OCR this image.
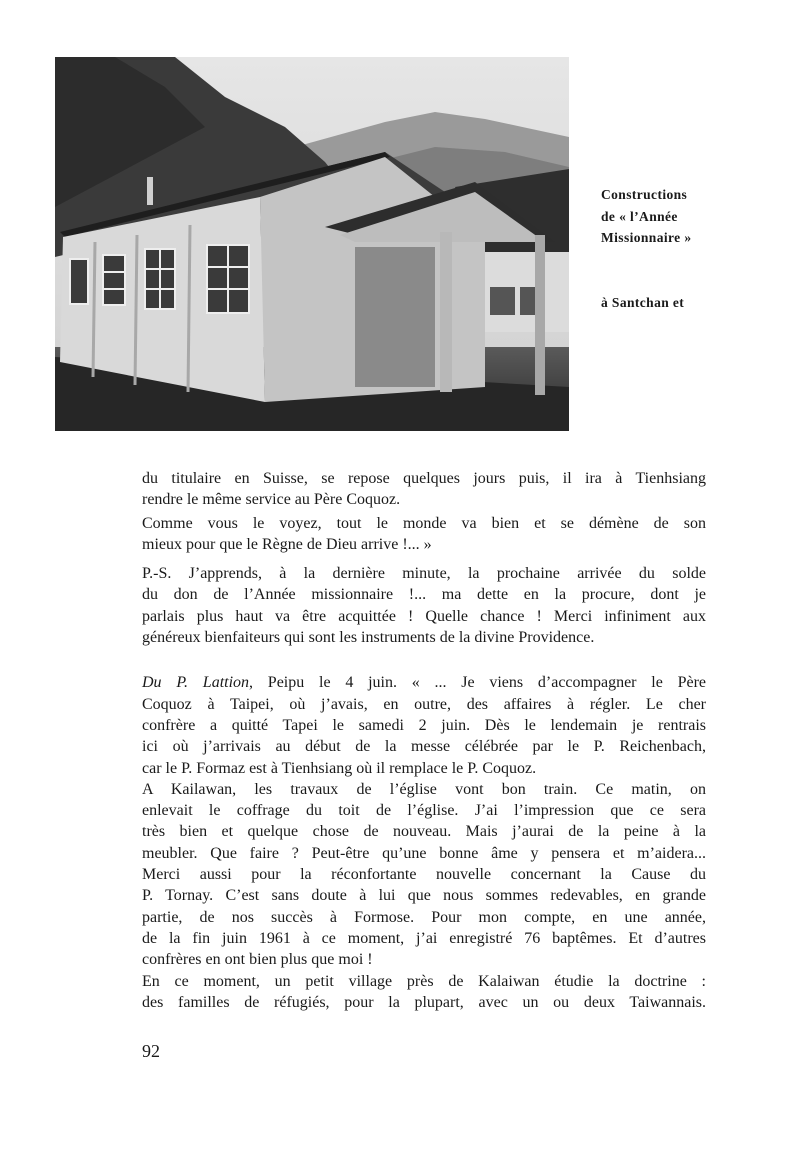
Constructions
de « l’Année
Missionnaire »
à Santchan et
du titulaire en Suisse, se repose quelques jours puis, il ira à Tienhsiang
rendre le même service au Père Coquoz.
Comme vous le voyez, tout le monde va bien et se démène de son
mieux pour que le Règne de Dieu arrive !... »
P.-S. J’apprends, à la dernière minute, la prochaine arrivée du solde
du don de l’Année missionnaire !... ma dette en la procure, dont je
parlais plus haut va être acquittée ! Quelle chance ! Merci infiniment aux
généreux bienfaiteurs qui sont les instruments de la divine Providence.
Du P. Lattion, Peipu le 4 juin. « ... Je viens d’accompagner le Père
Coquoz à Taipei, où j’avais, en outre, des affaires à régler. Le cher
confrère a quitté Tapei le samedi 2 juin. Dès le lendemain je rentrais
ici où j’arrivais au début de la messe célébrée par le P. Reichenbach,
car le P. Formaz est à Tienhsiang où il remplace le P. Coquoz.
A Kailawan, les travaux de l’église vont bon train. Ce matin, on
enlevait le coffrage du toit de l’église. J’ai l’impression que ce sera
très bien et quelque chose de nouveau. Mais j’aurai de la peine à la
meubler. Que faire ? Peut-être qu’une bonne âme y pensera et m’aidera...
Merci aussi pour la réconfortante nouvelle concernant la Cause du
P. Tornay. C’est sans doute à lui que nous sommes redevables, en grande
partie, de nos succès à Formose. Pour mon compte, en une année,
de la fin juin 1961 à ce moment, j’ai enregistré 76 baptêmes. Et d’autres
confrères en ont bien plus que moi !
En ce moment, un petit village près de Kalaiwan étudie la doctrine :
des familles de réfugiés, pour la plupart, avec un ou deux Taiwannais.
92
